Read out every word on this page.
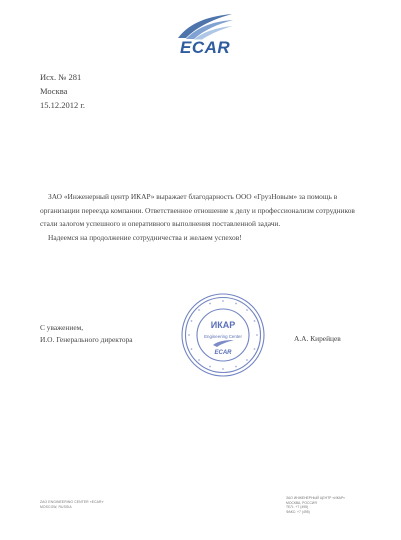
ECAR
Исх. № 281
Москва
15.12.2012 г.

ЗАО «Инженерный центр ИКАР» выражает благодарность ООО «ГрузНовым» за помощь в организации переезда компании. Ответственное отношение к делу и профессионализм сотрудников стали залогом успешного и оперативного выполнения поставленной задачи.

Надеемся на продолжение сотрудничества и желаем успехов!

С уважением,
И.О. Генерального директора	А.А. Кирейцев
ИКАР
Engineering Center
ECAR
ZAO ENGINEERING CENTER «ECAR»
MOSCOW, RUSSIA
ЗАО ИНЖЕНЕРНЫЙ ЦЕНТР «ИКАР»
МОСКВА, РОССИЯ
ТЕЛ.: +7 (495)
ФАКС: +7 (495)
